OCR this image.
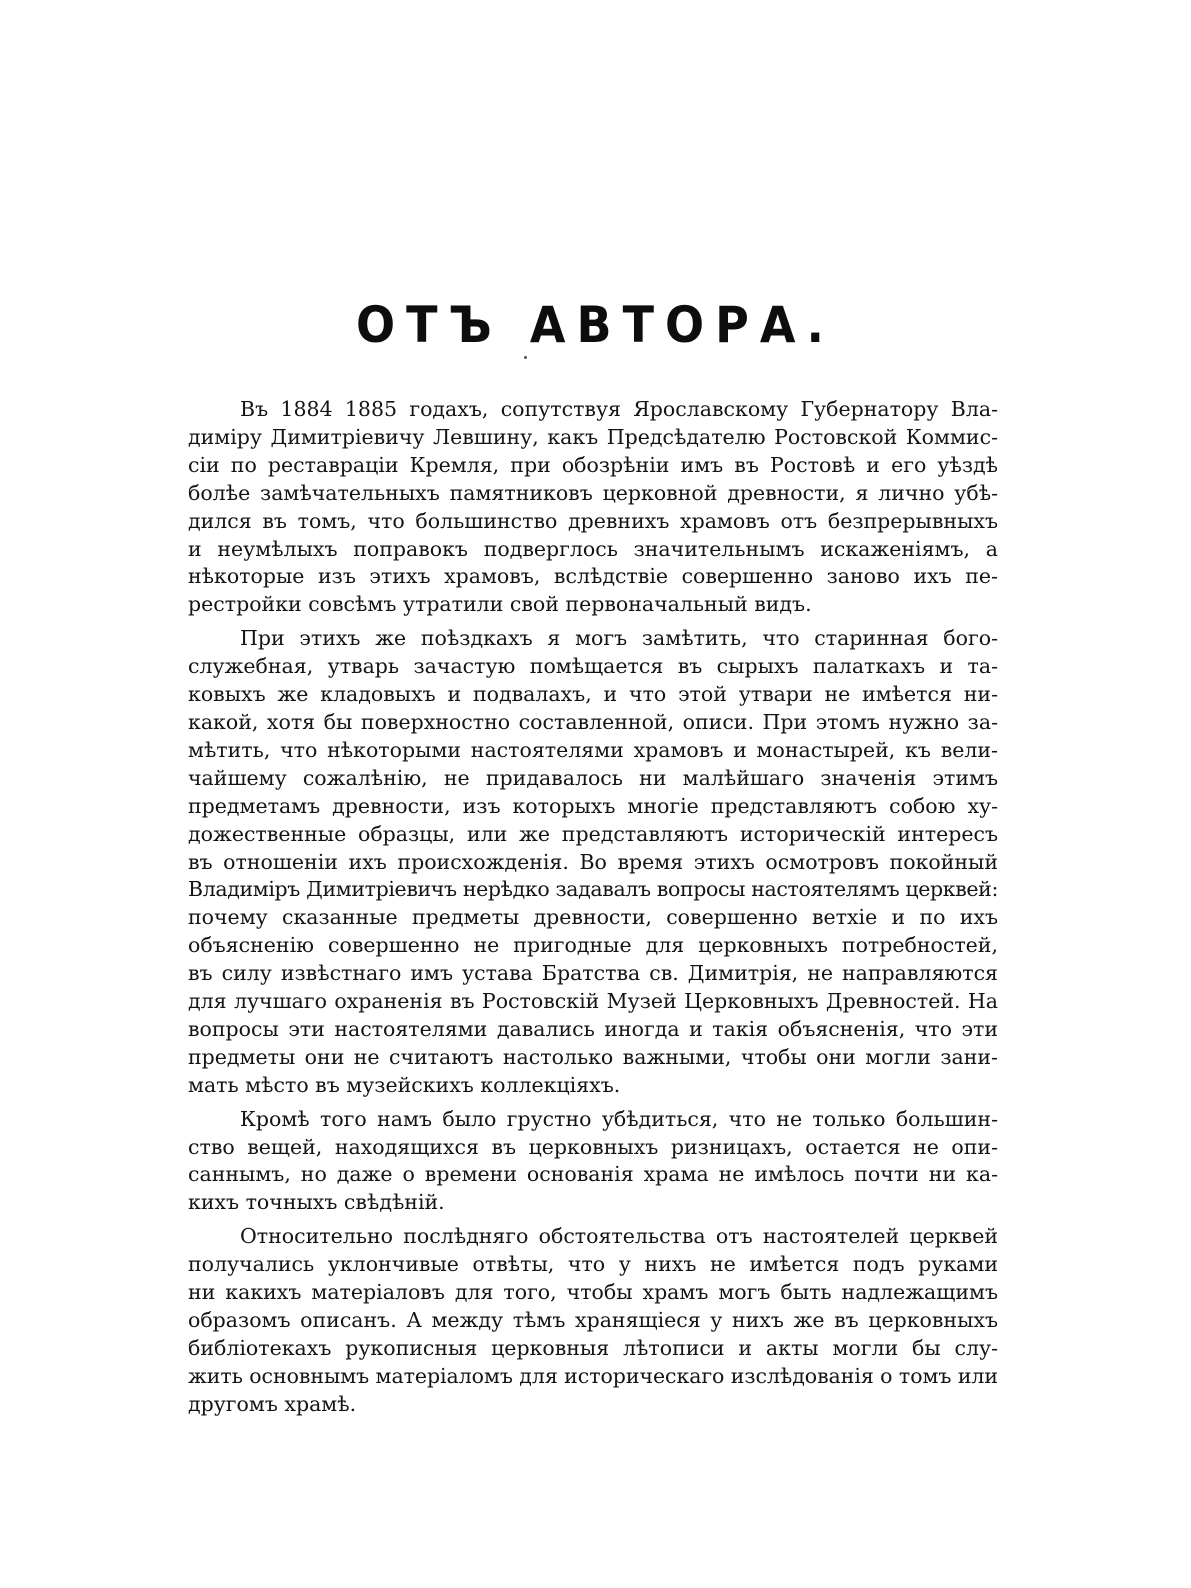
ОТЪ АВТОРА.
Въ 1884 1885 годахъ, сопутствуя Ярославскому Губернатору Вла-
диміру Димитріевичу Левшину, какъ Предсѣдателю Ростовской Коммис-
сіи по реставраціи Кремля, при обозрѣніи имъ въ Ростовѣ и его уѣздѣ
болѣе замѣчательныхъ памятниковъ церковной древности, я лично убѣ-
дился въ томъ, что большинство древнихъ храмовъ отъ безпрерывныхъ
и неумѣлыхъ поправокъ подверглось значительнымъ искаженіямъ, а
нѣкоторые изъ этихъ храмовъ, вслѣдствіе совершенно заново ихъ пе-
рестройки совсѣмъ утратили свой первоначальный видъ.
При этихъ же поѣздкахъ я могъ замѣтить, что старинная бого-
служебная, утварь зачастую помѣщается въ сырыхъ палаткахъ и та-
ковыхъ же кладовыхъ и подвалахъ, и что этой утвари не имѣется ни-
какой, хотя бы поверхностно составленной, описи. При этомъ нужно за-
мѣтить, что нѣкоторыми настоятелями храмовъ и монастырей, къ вели-
чайшему сожалѣнію, не придавалось ни малѣйшаго значенія этимъ
предметамъ древности, изъ которыхъ многіе представляютъ собою ху-
дожественные образцы, или же представляютъ историческій интересъ
въ отношеніи ихъ происхожденія. Во время этихъ осмотровъ покойный
Владиміръ Димитріевичъ нерѣдко задавалъ вопросы настоятелямъ церквей:
почему сказанные предметы древности, совершенно ветхіе и по ихъ
объясненію совершенно не пригодные для церковныхъ потребностей,
въ силу извѣстнаго имъ устава Братства св. Димитрія, не направляются
для лучшаго охраненія въ Ростовскій Музей Церковныхъ Древностей. На
вопросы эти настоятелями давались иногда и такія объясненія, что эти
предметы они не считаютъ настолько важными, чтобы они могли зани-
мать мѣсто въ музейскихъ коллекціяхъ.
Кромѣ того намъ было грустно убѣдиться, что не только большин-
ство вещей, находящихся въ церковныхъ ризницахъ, остается не опи-
саннымъ, но даже о времени основанія храма не имѣлось почти ни ка-
кихъ точныхъ свѣдѣній.
Относительно послѣдняго обстоятельства отъ настоятелей церквей
получались уклончивые отвѣты, что у нихъ не имѣется подъ руками
ни какихъ матеріаловъ для того, чтобы храмъ могъ быть надлежащимъ
образомъ описанъ. А между тѣмъ хранящіеся у нихъ же въ церковныхъ
библіотекахъ рукописныя церковныя лѣтописи и акты могли бы слу-
жить основнымъ матеріаломъ для историческаго изслѣдованія о томъ или
другомъ храмѣ.
